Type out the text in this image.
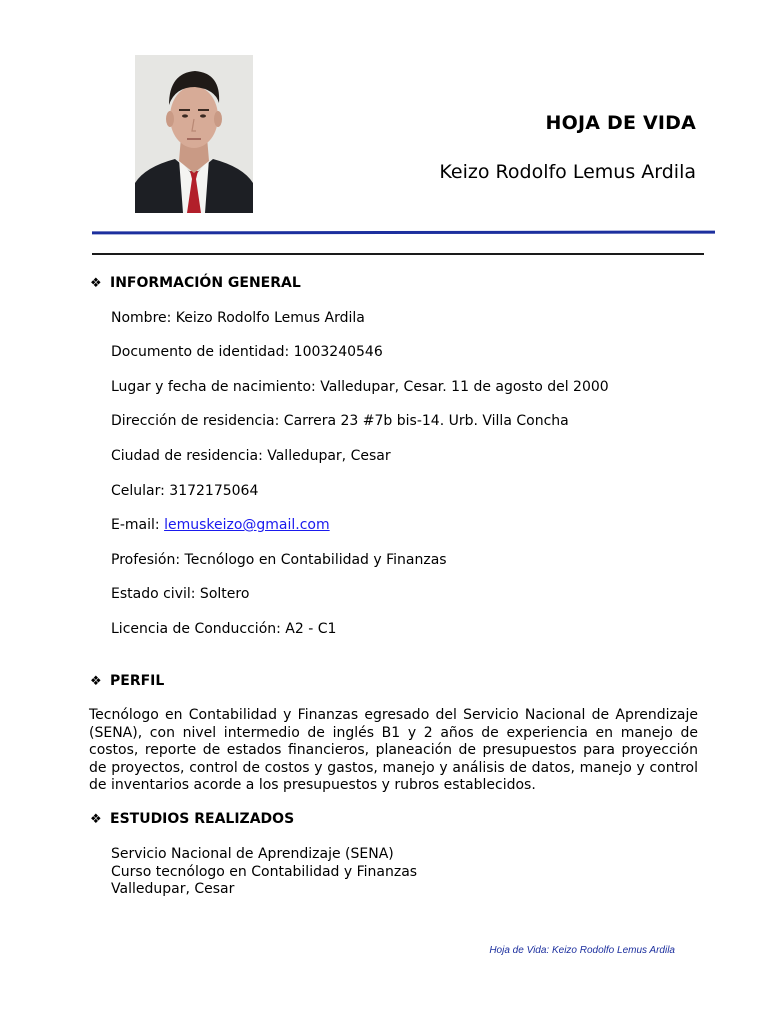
HOJA DE VIDA
Keizo Rodolfo Lemus Ardila
❖ INFORMACIÓN GENERAL
Nombre: Keizo Rodolfo Lemus Ardila
Documento de identidad: 1003240546
Lugar y fecha de nacimiento: Valledupar, Cesar. 11 de agosto del 2000
Dirección de residencia: Carrera 23 #7b bis-14. Urb. Villa Concha
Ciudad de residencia: Valledupar, Cesar
Celular: 3172175064
E-mail: lemuskeizo@gmail.com
Profesión: Tecnólogo en Contabilidad y Finanzas
Estado civil: Soltero
Licencia de Conducción: A2 - C1
❖ PERFIL
Tecnólogo en Contabilidad y Finanzas egresado del Servicio Nacional de Aprendizaje (SENA), con nivel intermedio de inglés B1 y 2 años de experiencia en manejo de costos, reporte de estados financieros, planeación de presupuestos para proyección de proyectos, control de costos y gastos, manejo y análisis de datos, manejo y control de inventarios acorde a los presupuestos y rubros establecidos.
❖ ESTUDIOS REALIZADOS
Servicio Nacional de Aprendizaje (SENA)
Curso tecnólogo en Contabilidad y Finanzas
Valledupar, Cesar
Hoja de Vida: Keizo Rodolfo Lemus Ardila
